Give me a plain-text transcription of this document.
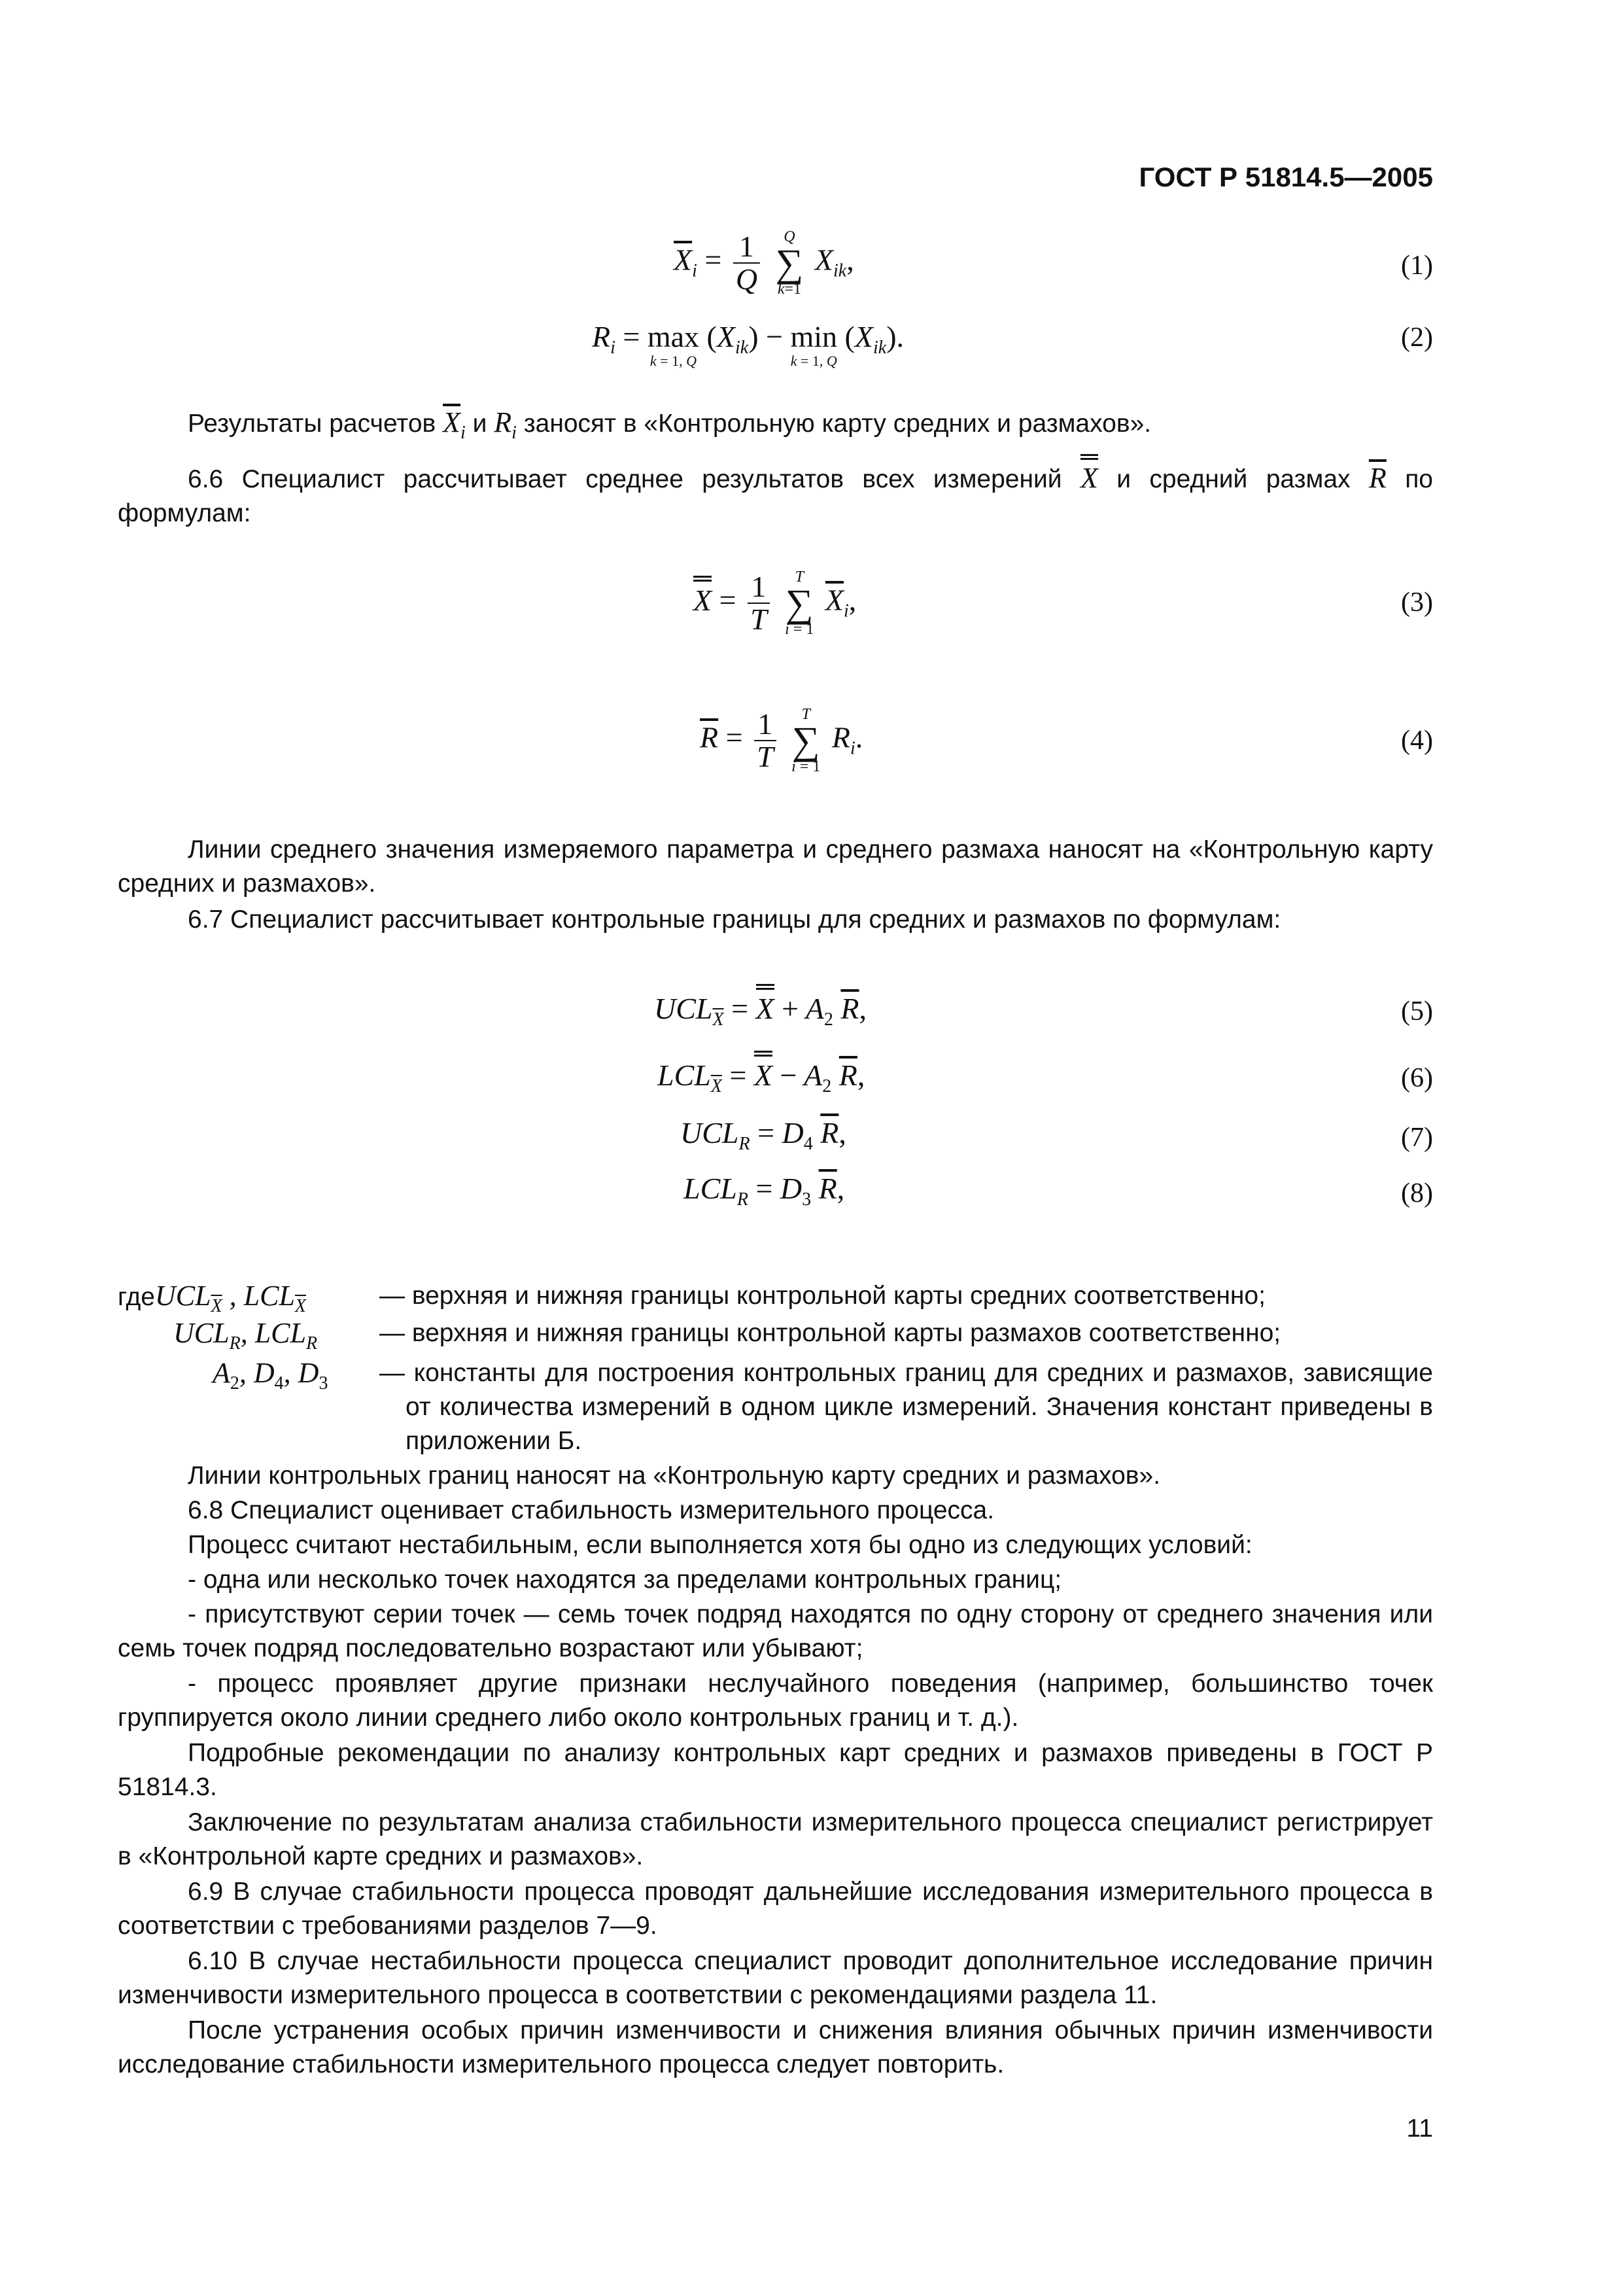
ГОСТ Р 51814.5—2005
$\overline{X}_i = \frac{1}{Q}$
Q
∑
k=1
$X_{ik}$,	(1)
$R_i = \max$
k = 1, Q
$(X_{ik}) - \min$
k = 1, Q
$(X_{ik})$.	(2)
Результаты расчетов $\overline{X}_i$ и $R_i$ заносят в «Контрольную карту средних и размахов».
6.6 Специалист рассчитывает среднее результатов всех измерений X и средний размах $\overline{R}$ по формулам:
$X = \frac{1}{T}$
T
∑
i = 1
$\overline{X}_i$,	(3)
$\overline{R} = \frac{1}{T}$
T
∑
i = 1
$R_i$.	(4)
Линии среднего значения измеряемого параметра и среднего размаха наносят на «Контрольную карту средних и размахов».
6.7 Специалист рассчитывает контрольные границы для средних и размахов по формулам:
$UCL_{\overline{X}} = X + A_2$ $\overline{R}$,	(5)
$LCL_{\overline{X}} = X - A_2$ $\overline{R}$,	(6)
$UCL_R = D_4$ $\overline{R}$,	(7)
$LCL_R = D_3$ $\overline{R}$,	(8)
гдеUCL$_{\overline{X}}$ , $LCL_{\overline{X}}$	— верхняя и нижняя границы контрольной карты средних соответственно;
$UCL_R$, $LCL_R$ — верхняя и нижняя границы контрольной карты размахов соответственно;
$A_2$, $D_4$, $D_3$ — константы для построения контрольных границ для средних и размахов, зависящие от количества измерений в одном цикле измерений. Значения констант приведены в приложении Б.
Линии контрольных границ наносят на «Контрольную карту средних и размахов».
6.8 Специалист оценивает стабильность измерительного процесса.
Процесс считают нестабильным, если выполняется хотя бы одно из следующих условий:
- одна или несколько точек находятся за пределами контрольных границ;
- присутствуют серии точек — семь точек подряд находятся по одну сторону от среднего значения или семь точек подряд последовательно возрастают или убывают;
- процесс проявляет другие признаки неслучайного поведения (например, большинство точек группируется около линии среднего либо около контрольных границ и т. д.).
Подробные рекомендации по анализу контрольных карт средних и размахов приведены в ГОСТ Р 51814.3.
Заключение по результатам анализа стабильности измерительного процесса специалист регистрирует в «Контрольной карте средних и размахов».
6.9 В случае стабильности процесса проводят дальнейшие исследования измерительного процесса в соответствии с требованиями разделов 7—9.
6.10 В случае нестабильности процесса специалист проводит дополнительное исследование причин изменчивости измерительного процесса в соответствии с рекомендациями раздела 11.
После устранения особых причин изменчивости и снижения влияния обычных причин изменчивости исследование стабильности измерительного процесса следует повторить.
11
